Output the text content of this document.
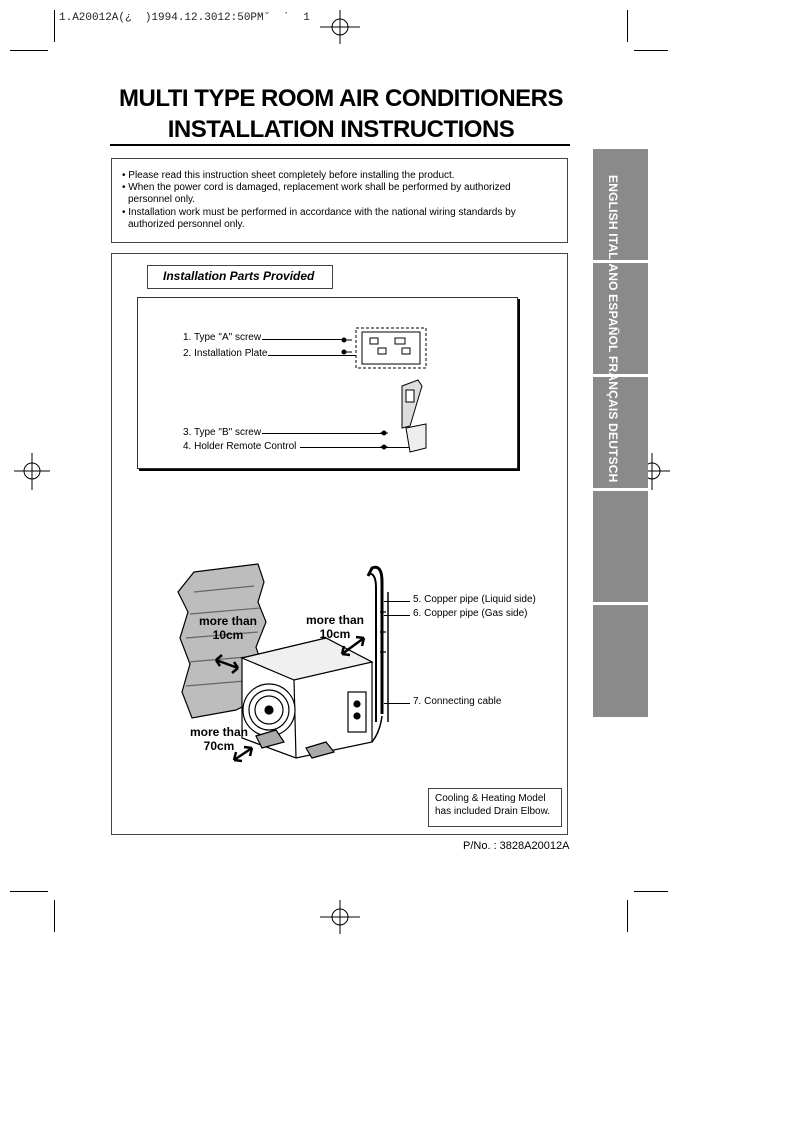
1.A20012A(¿  )1994.12.3012:50PM˘  ˋ  1
ENGLISH ITALIANO ESPAÑOL FRANÇAIS DEUTSCH
MULTI TYPE ROOM AIR CONDITIONERS
INSTALLATION INSTRUCTIONS

• Please read this instruction sheet completely before installing the product.

• When the power cord is damaged, replacement work shall be performed by authorized personnel only.

• Installation work must be performed in accordance with the national wiring standards by authorized personnel only.

Installation Parts Provided
1. Type "A" screw
2. Installation Plate
3. Type "B" screw
4. Holder Remote Control
more than
10cm
more than
10cm
more than
70cm
5. Copper pipe (Liquid side)
6. Copper pipe (Gas side)
7. Connecting cable
Cooling & Heating Model
has included Drain Elbow.
P/No. : 3828A20012A
